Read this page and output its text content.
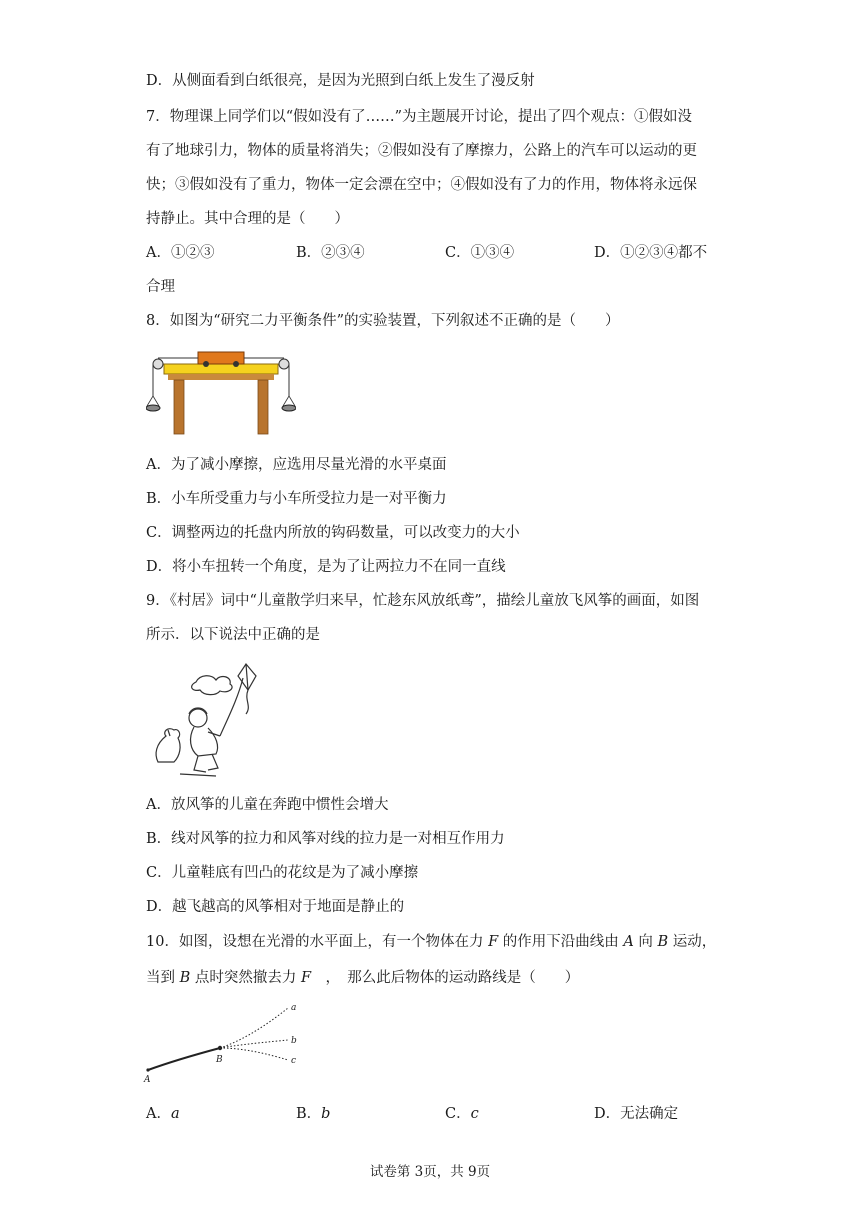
D．从侧面看到白纸很亮，是因为光照到白纸上发生了漫反射
7．物理课上同学们以“假如没有了……”为主题展开讨论，提出了四个观点：①假如没
有了地球引力，物体的质量将消失；②假如没有了摩擦力，公路上的汽车可以运动的更
快；③假如没有了重力，物体一定会漂在空中；④假如没有了力的作用，物体将永远保
持静止。其中合理的是（　　）
A．①②③	B．②③④	C．①③④	D．①②③④都不
合理
8．如图为“研究二力平衡条件”的实验装置，下列叙述不正确的是（　　）
A．为了减小摩擦，应选用尽量光滑的水平桌面
B．小车所受重力与小车所受拉力是一对平衡力
C．调整两边的托盘内所放的钩码数量，可以改变力的大小
D．将小车扭转一个角度，是为了让两拉力不在同一直线
9．《村居》词中“儿童散学归来早，忙趁东风放纸鸢”，描绘儿童放飞风筝的画面，如图
所示．以下说法中正确的是
A．放风筝的儿童在奔跑中惯性会增大
B．线对风筝的拉力和风筝对线的拉力是一对相互作用力
C．儿童鞋底有凹凸的花纹是为了减小摩擦
D．越飞越高的风筝相对于地面是静止的
10．如图，设想在光滑的水平面上，有一个物体在力 F 的作用下沿曲线由 A 向 B 运动，
当到 B 点时突然撤去力 F　，　那么此后物体的运动路线是（　　）
a
b
c
A
B
A．a	B．b	C．c	D．无法确定
试卷第 3页，共 9页
